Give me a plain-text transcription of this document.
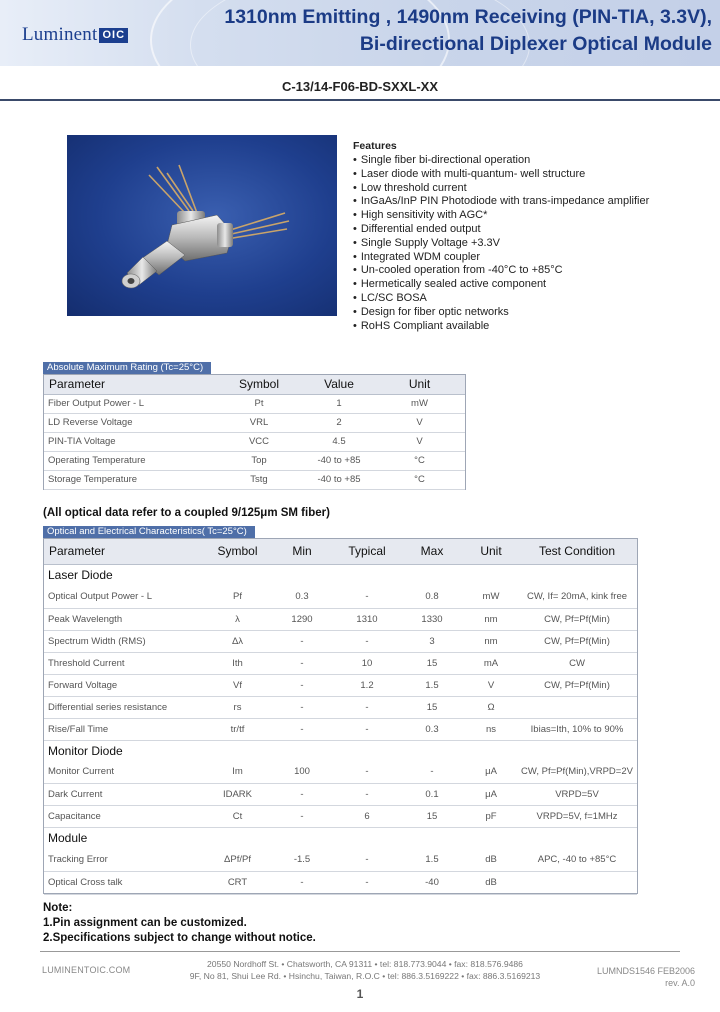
Luminent OIC
1310nm Emitting , 1490nm Receiving (PIN-TIA, 3.3V),
Bi-directional Diplexer Optical Module
C-13/14-F06-BD-SXXL-XX
Features
• Single fiber bi-directional operation
• Laser diode with multi-quantum- well structure
• Low threshold current
• InGaAs/InP PIN Photodiode with trans-impedance amplifier
• High sensitivity with AGC*
• Differential ended output
• Single Supply Voltage +3.3V
• Integrated WDM coupler
• Un-cooled operation from -40°C to +85°C
• Hermetically sealed active component
• LC/SC BOSA
• Design for fiber optic networks
• RoHS Compliant available
Absolute Maximum Rating (Tc=25°C)
Parameter	Symbol	Value	Unit
Fiber Output Power - L	Pt	1	mW
LD Reverse Voltage	VRL	2	V
PIN-TIA Voltage	VCC	4.5	V
Operating Temperature	Top	-40 to +85	°C
Storage Temperature	Tstg	-40 to +85	°C
(All optical data refer to a coupled 9/125μm SM fiber)
Optical and Electrical Characteristics( Tc=25°C)
Parameter	Symbol	Min	Typical	Max	Unit	Test Condition
Laser Diode						
Optical Output Power - L	Pf	0.3	-	0.8	mW	CW, If= 20mA, kink free
Peak Wavelength	λ	1290	1310	1330	nm	CW, Pf=Pf(Min)
Spectrum Width (RMS)	Δλ	-	-	3	nm	CW, Pf=Pf(Min)
Threshold Current	Ith	-	10	15	mA	CW
Forward Voltage	Vf	-	1.2	1.5	V	CW, Pf=Pf(Min)
Differential series resistance	rs	-	-	15	Ω	
Rise/Fall Time	tr/tf	-	-	0.3	ns	Ibias=Ith, 10% to 90%
Monitor Diode						
Monitor Current	Im	100	-	-	μA	CW, Pf=Pf(Min),VRPD=2V
Dark Current	IDARK	-	-	0.1	μA	VRPD=5V
Capacitance	Ct	-	6	15	pF	VRPD=5V, f=1MHz
Module						
Tracking Error	ΔPf/Pf	-1.5	-	1.5	dB	APC, -40 to +85°C
Optical Cross talk	CRT	-	-	-40	dB	
Note:
1.Pin assignment can be customized.
2.Specifications subject to change without notice.
LUMINENTOIC.COM
20550 Nordhoff St. • Chatsworth, CA 91311 • tel: 818.773.9044 • fax: 818.576.9486
9F, No 81, Shui Lee Rd. • Hsinchu, Taiwan, R.O.C • tel: 886.3.5169222 • fax: 886.3.5169213	LUMNDS1546 FEB2006
rev. A.0
1
